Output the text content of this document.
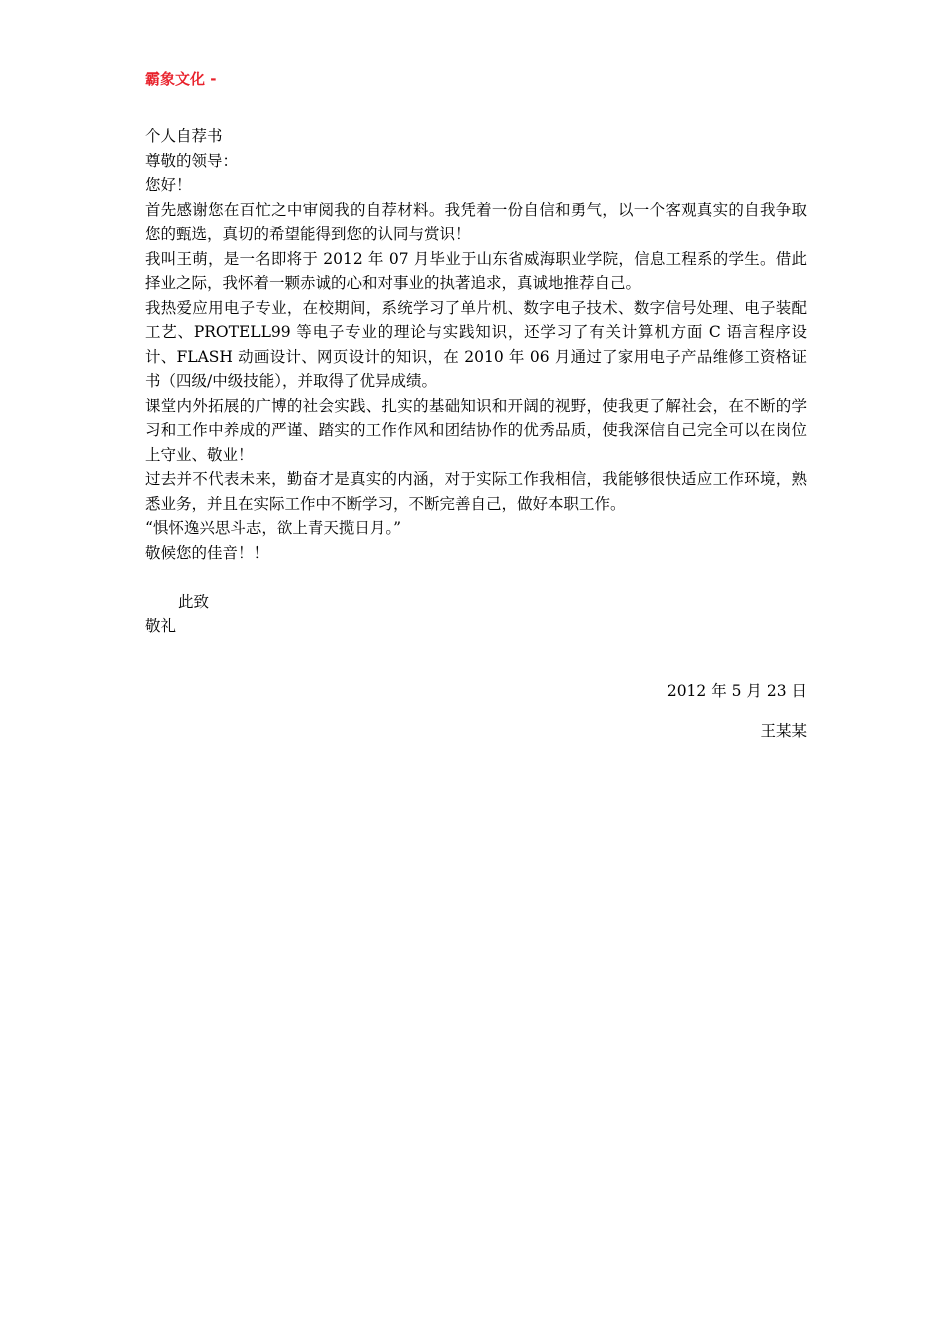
霸象文化 -

个人自荐书

尊敬的领导：

您好！

首先感谢您在百忙之中审阅我的自荐材料。我凭着一份自信和勇气，以一个客观真实的自我争取您的甄选，真切的希望能得到您的认同与赏识！

我叫王萌，是一名即将于 2012 年 07 月毕业于山东省威海职业学院，信息工程系的学生。借此择业之际，我怀着一颗赤诚的心和对事业的执著追求，真诚地推荐自己。

我热爱应用电子专业，在校期间，系统学习了单片机、数字电子技术、数字信号处理、电子装配工艺、PROTELL99 等电子专业的理论与实践知识，还学习了有关计算机方面 C 语言程序设计、FLASH 动画设计、网页设计的知识，在 2010 年 06 月通过了家用电子产品维修工资格证书（四级/中级技能），并取得了优异成绩。

课堂内外拓展的广博的社会实践、扎实的基础知识和开阔的视野，使我更了解社会，在不断的学习和工作中养成的严谨、踏实的工作作风和团结协作的优秀品质，使我深信自己完全可以在岗位上守业、敬业！

过去并不代表未来，勤奋才是真实的内涵，对于实际工作我相信，我能够很快适应工作环境，熟悉业务，并且在实际工作中不断学习，不断完善自己，做好本职工作。

“惧怀逸兴思斗志，欲上青天揽日月。”

敬候您的佳音！！

此致

敬礼

2012 年 5 月 23 日

王某某
